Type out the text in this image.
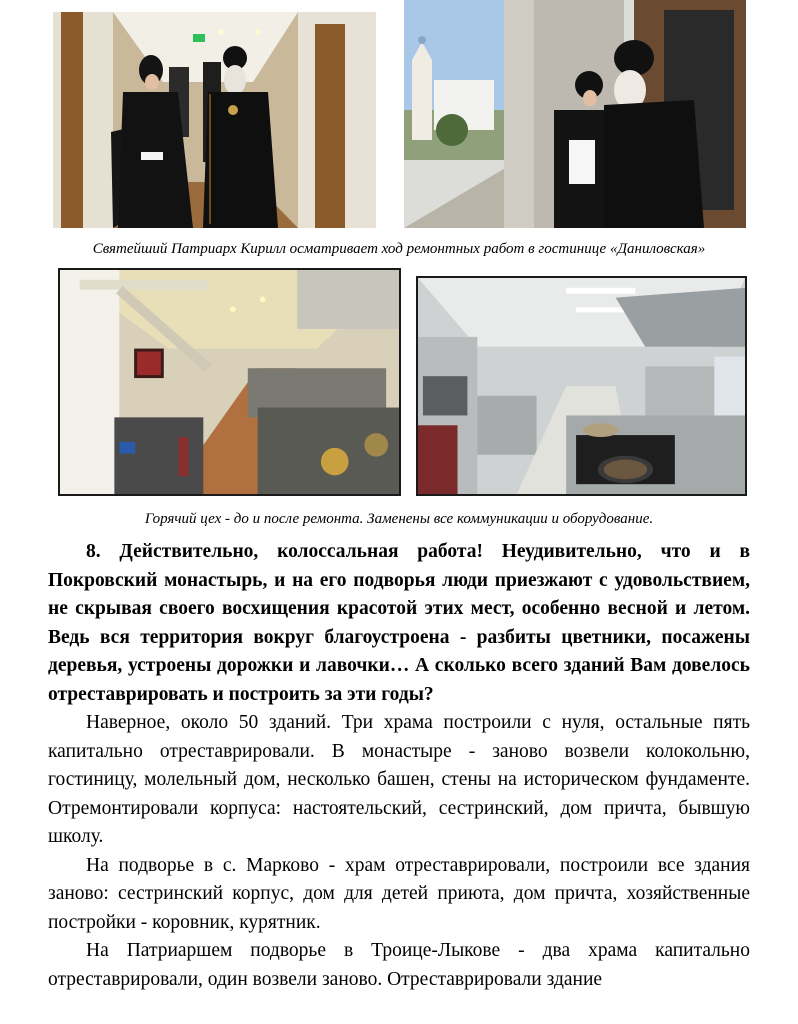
Святейший Патриарх Кирилл осматривает ход ремонтных работ в гостинице «Даниловская»
Горячий цех - до и после ремонта. Заменены все коммуникации и оборудование.

8. Действительно, колоссальная работа! Неудивительно, что и в Покровский монастырь, и на его подворья люди приезжают с удовольствием, не скрывая своего восхищения красотой этих мест, особенно весной и летом. Ведь вся территория вокруг благоустроена - разбиты цветники, посажены деревья, устроены дорожки и лавочки… А сколько всего зданий Вам довелось отреставрировать и построить за эти годы?

Наверное, около 50 зданий. Три храма построили с нуля, остальные пять капитально отреставрировали. В монастыре - заново возвели колокольню, гостиницу, молельный дом, несколько башен, стены на историческом фундаменте. Отремонтировали корпуса: настоятельский, сестринский, дом причта, бывшую школу.

На подворье в с. Марково - храм отреставрировали, построили все здания заново: сестринский корпус, дом для детей приюта, дом причта, хозяйственные постройки - коровник, курятник.

На Патриаршем подворье в Троице-Лыкове - два храма капитально отреставрировали, один возвели заново. Отреставрировали здание
